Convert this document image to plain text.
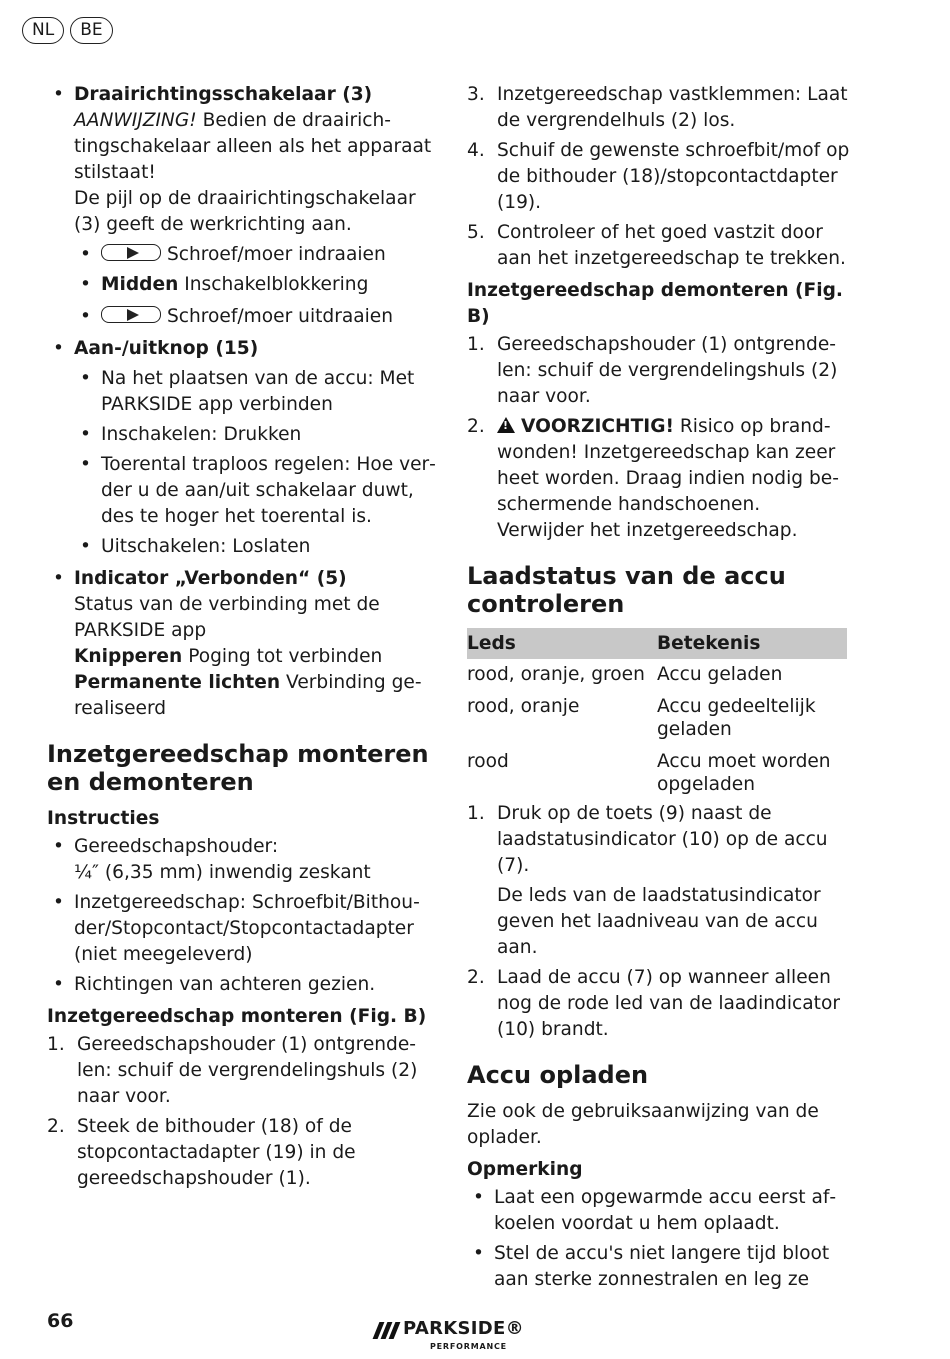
NL	BE

• Draairichtingsschakelaar (3)

AANWIJZING! Bedien de draairichtingschakelaar alleen als het apparaat stilstaat!

De pijl op de draairichtingschakelaar (3) geeft de werkrichting aan.

• Schroef/moer indraaien
• Midden Inschakelblokkering
• Schroef/moer uitdraaien

• Aan-/uitknop (15)

• Na het plaatsen van de accu: Met PARKSIDE app verbinden
• Inschakelen: Drukken
• Toerental traploos regelen: Hoe verder u de aan/uit schakelaar duwt, des te hoger het toerental is.
• Uitschakelen: Loslaten

• Indicator „Verbonden“ (5)

Status van de verbinding met de PARKSIDE app

Knipperen Poging tot verbinden

Permanente lichten Verbinding gerealiseerd

Inzetgereedschap monteren en demonteren
Instructies

• Gereedschapshouder:

¼″ (6,35 mm) inwendig zeskant

• Inzetgereedschap: Schroefbit/Bithouder/Stopcontact/Stopcontactadapter (niet meegeleverd)
• Richtingen van achteren gezien.
Inzetgereedschap monteren (Fig. B)
1. Gereedschapshouder (1) ontgrendelen: schuif de vergrendelingshuls (2) naar voor.
2. Steek de bithouder (18) of de stopcontactadapter (19) in de gereedschapshouder (1).
3. Inzetgereedschap vastklemmen: Laat de vergrendelhuls (2) los.
4. Schuif de gewenste schroefbit/mof op de bithouder (18)/stopcontactdapter (19).
5. Controleer of het goed vastzit door aan het inzetgereedschap te trekken.
Inzetgereedschap demonteren (Fig. B)
1. Gereedschapshouder (1) ontgrendelen: schuif de vergrendelingshuls (2) naar voor.
2. !	VOORZICHTIG! Risico op brandwonden! Inzetgereedschap kan zeer heet worden. Draag indien nodig beschermende handschoenen.

Verwijder het inzetgereedschap.

Laadstatus van de accu controleren
Leds	Betekenis
rood, oranje, groen	Accu geladen
rood, oranje	Accu gedeeltelijk geladen
rood	Accu moet worden opgeladen
1. Druk op de toets (9) naast de laadstatusindicator (10) op de accu (7).

De leds van de laadstatusindicator geven het laadniveau van de accu aan.

2. Laad de accu (7) op wanneer alleen nog de rode led van de laadindicator (10) brandt.
Accu opladen

Zie ook de gebruiksaanwijzing van de oplader.

Opmerking
• Laat een opgewarmde accu eerst afkoelen voordat u hem oplaadt.
• Stel de accu's niet langere tijd bloot aan sterke zonnestralen en leg ze
66	PARKSIDE®
PERFORMANCE
